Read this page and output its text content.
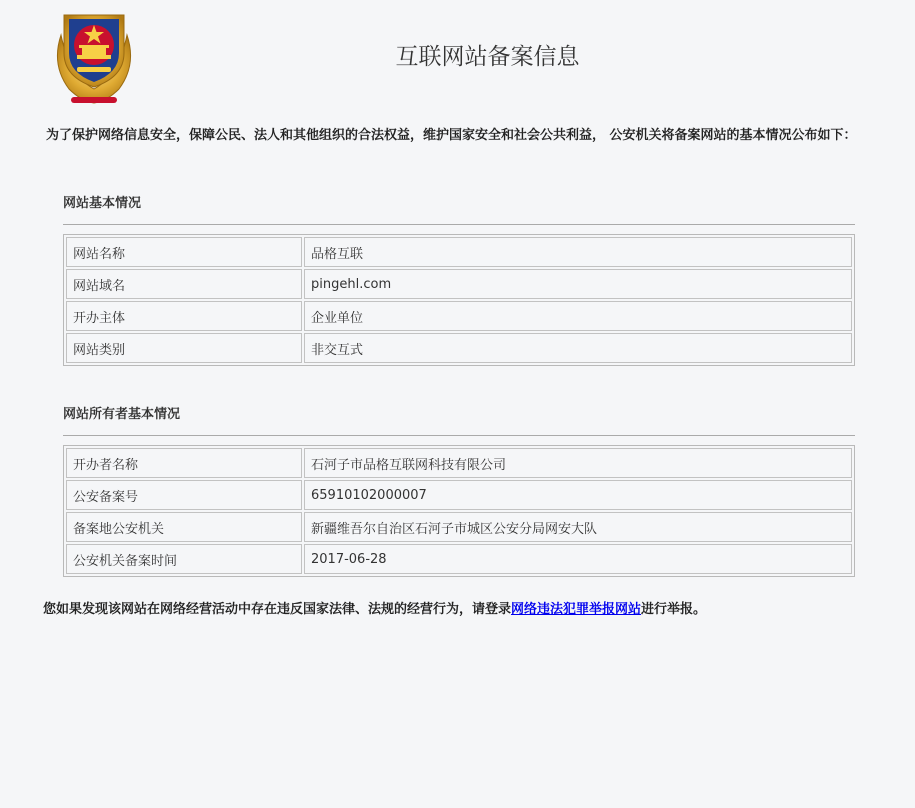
互联网站备案信息
为了保护网络信息安全，保障公民、法人和其他组织的合法权益，维护国家安全和社会公共利益， 公安机关将备案网站的基本情况公布如下：
网站基本情况
网站名称	品格互联
网站域名	pingehl.com
开办主体	企业单位
网站类别	非交互式
网站所有者基本情况
开办者名称	石河子市品格互联网科技有限公司
公安备案号	65910102000007
备案地公安机关	新疆维吾尔自治区石河子市城区公安分局网安大队
公安机关备案时间	2017-06-28
您如果发现该网站在网络经营活动中存在违反国家法律、法规的经营行为，请登录网络违法犯罪举报网站进行举报。
